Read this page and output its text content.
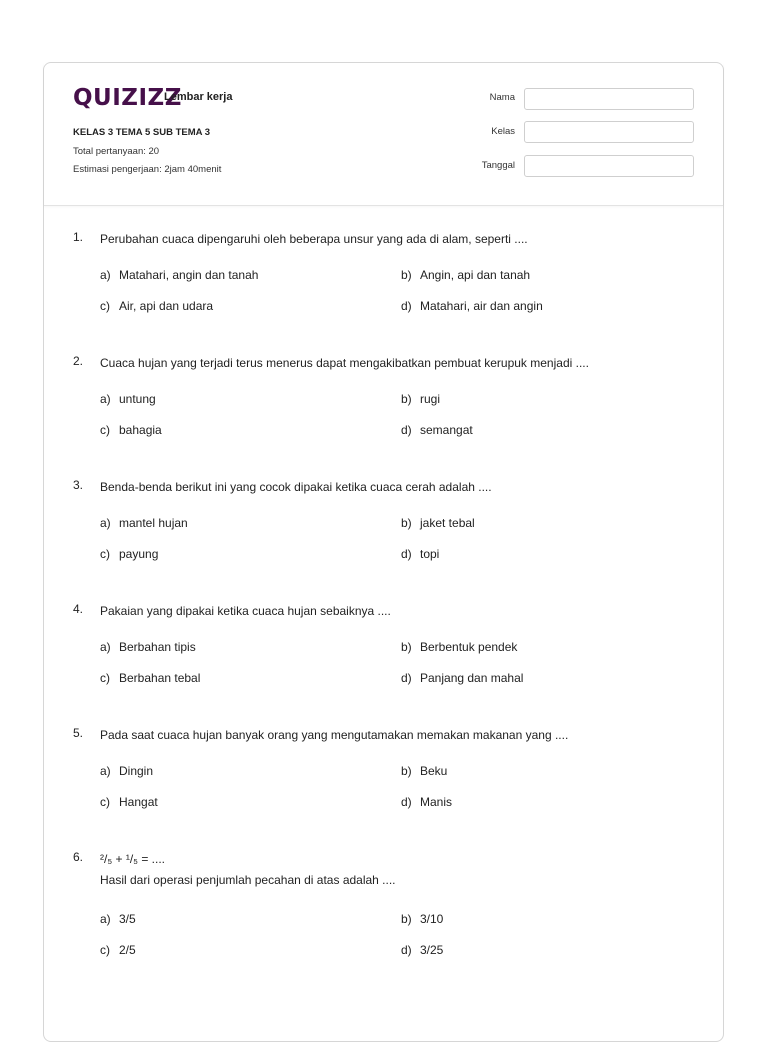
QUIZIZZ
Lembar kerja
KELAS 3 TEMA 5 SUB TEMA 3
Total pertanyaan: 20
Estimasi pengerjaan: 2jam 40menit
Nama
Kelas
Tanggal
1. Perubahan cuaca dipengaruhi oleh beberapa unsur yang ada di alam, seperti ....
a) Matahari, angin dan tanah	b) Angin, api dan tanah
c) Air, api dan udara	d) Matahari, air dan angin
2. Cuaca hujan yang terjadi terus menerus dapat mengakibatkan pembuat kerupuk menjadi ....
a) untung	b) rugi
c) bahagia	d) semangat
3. Benda-benda berikut ini yang cocok dipakai ketika cuaca cerah adalah ....
a) mantel hujan	b) jaket tebal
c) payung	d) topi
4. Pakaian yang dipakai ketika cuaca hujan sebaiknya ....
a) Berbahan tipis	b) Berbentuk pendek
c) Berbahan tebal	d) Panjang dan mahal
5. Pada saat cuaca hujan banyak orang yang mengutamakan memakan makanan yang ....
a) Dingin	b) Beku
c) Hangat	d) Manis
6. ²/₅ + ¹/₅ = ....
Hasil dari operasi penjumlah pecahan di atas adalah ....
a) 3/5	b) 3/10
c) 2/5	d) 3/25
